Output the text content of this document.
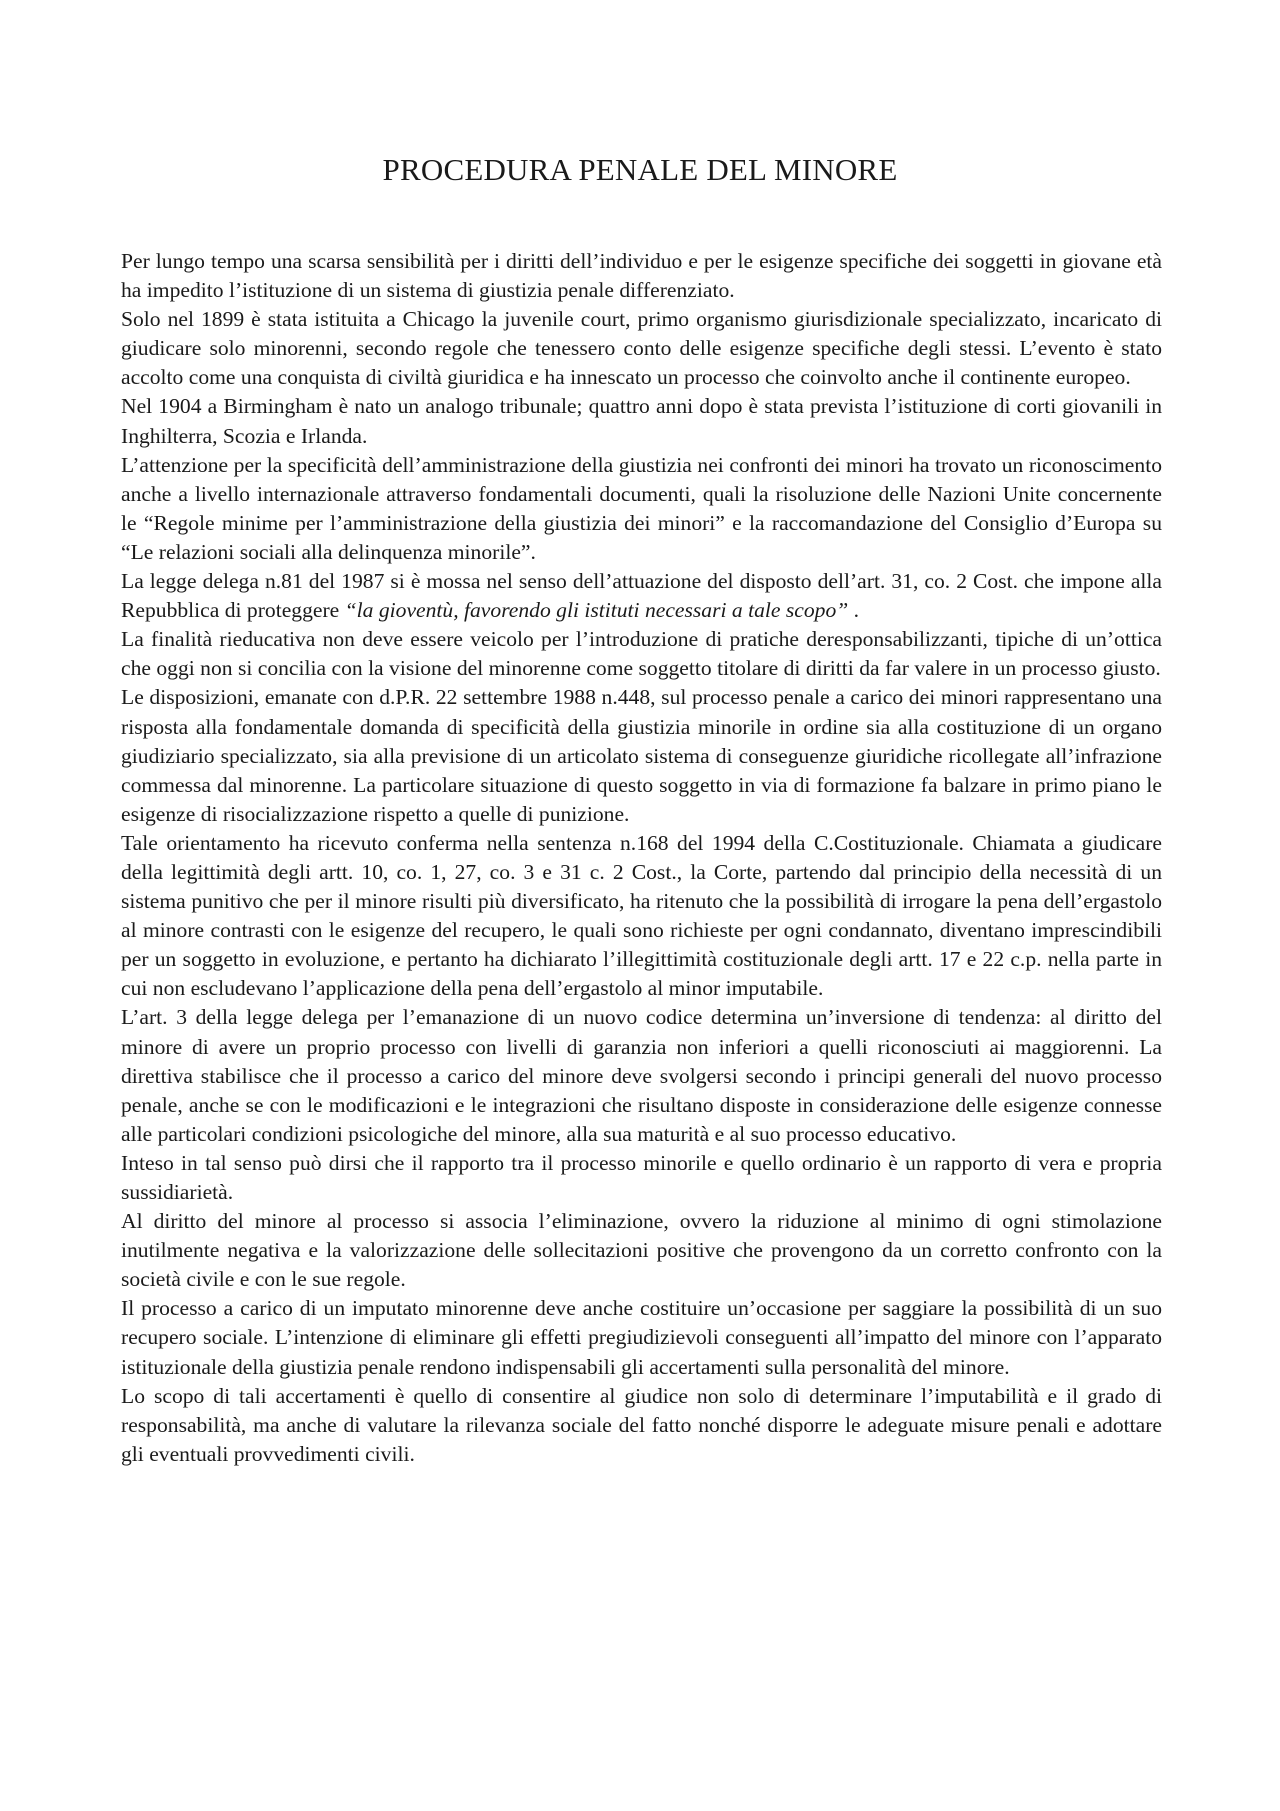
PROCEDURA PENALE DEL MINORE

Per lungo tempo una scarsa sensibilità per i diritti dell’individuo e per le esigenze specifiche dei soggetti in giovane età ha impedito l’istituzione di un sistema di giustizia penale differenziato.

Solo nel 1899 è stata istituita a Chicago la juvenile court, primo organismo giurisdizionale specializzato, incaricato di giudicare solo minorenni, secondo regole che tenessero conto delle esigenze specifiche degli stessi. L’evento è stato accolto come una conquista di civiltà giuridica e ha innescato un processo che coinvolto anche il continente europeo.

Nel 1904 a Birmingham è nato un analogo tribunale; quattro anni dopo è stata prevista l’istituzione di corti giovanili in Inghilterra, Scozia e Irlanda.

L’attenzione per la specificità dell’amministrazione della giustizia nei confronti dei minori ha trovato un riconoscimento anche a livello internazionale attraverso fondamentali documenti, quali la risoluzione delle Nazioni Unite concernente le “Regole minime per l’amministrazione della giustizia dei minori” e la raccomandazione del Consiglio d’Europa su “Le relazioni sociali alla delinquenza minorile”.

La legge delega n.81 del 1987 si è mossa nel senso dell’attuazione del disposto dell’art. 31, co. 2 Cost. che impone alla Repubblica di proteggere “la gioventù, favorendo gli istituti necessari a tale scopo” .

La finalità rieducativa non deve essere veicolo per l’introduzione di pratiche deresponsabilizzanti, tipiche di un’ottica che oggi non si concilia con la visione del minorenne come soggetto titolare di diritti da far valere in un processo giusto.

Le disposizioni, emanate con d.P.R. 22 settembre 1988 n.448, sul processo penale a carico dei minori rappresentano una risposta alla fondamentale domanda di specificità della giustizia minorile in ordine sia alla costituzione di un organo giudiziario specializzato, sia alla previsione di un articolato sistema di conseguenze giuridiche ricollegate all’infrazione commessa dal minorenne. La particolare situazione di questo soggetto in via di formazione fa balzare in primo piano le esigenze di risocializzazione rispetto a quelle di punizione.

Tale orientamento ha ricevuto conferma nella sentenza n.168 del 1994 della C.Costituzionale. Chiamata a giudicare della legittimità degli artt. 10, co. 1, 27, co. 3 e 31 c. 2 Cost., la Corte, partendo dal principio della necessità di un sistema punitivo che per il minore risulti più diversificato, ha ritenuto che la possibilità di irrogare la pena dell’ergastolo al minore contrasti con le esigenze del recupero, le quali sono richieste per ogni condannato, diventano imprescindibili per un soggetto in evoluzione, e pertanto ha dichiarato l’illegittimità costituzionale degli artt. 17 e 22 c.p. nella parte in cui non escludevano l’applicazione della pena dell’ergastolo al minor imputabile.

L’art. 3 della legge delega per l’emanazione di un nuovo codice determina un’inversione di tendenza: al diritto del minore di avere un proprio processo con livelli di garanzia non inferiori a quelli riconosciuti ai maggiorenni. La direttiva stabilisce che il processo a carico del minore deve svolgersi secondo i principi generali del nuovo processo penale, anche se con le modificazioni e le integrazioni che risultano disposte in considerazione delle esigenze connesse alle particolari condizioni psicologiche del minore, alla sua maturità e al suo processo educativo.

Inteso in tal senso può dirsi che il rapporto tra il processo minorile e quello ordinario è un rapporto di vera e propria sussidiarietà.

Al diritto del minore al processo si associa l’eliminazione, ovvero la riduzione al minimo di ogni stimolazione inutilmente negativa e la valorizzazione delle sollecitazioni positive che provengono da un corretto confronto con la società civile e con le sue regole.

Il processo a carico di un imputato minorenne deve anche costituire un’occasione per saggiare la possibilità di un suo recupero sociale. L’intenzione di eliminare gli effetti pregiudizievoli conseguenti all’impatto del minore con l’apparato istituzionale della giustizia penale rendono indispensabili gli accertamenti sulla personalità del minore.

Lo scopo di tali accertamenti è quello di consentire al giudice non solo di determinare l’imputabilità e il grado di responsabilità, ma anche di valutare la rilevanza sociale del fatto nonché disporre le adeguate misure penali e adottare gli eventuali provvedimenti civili.
